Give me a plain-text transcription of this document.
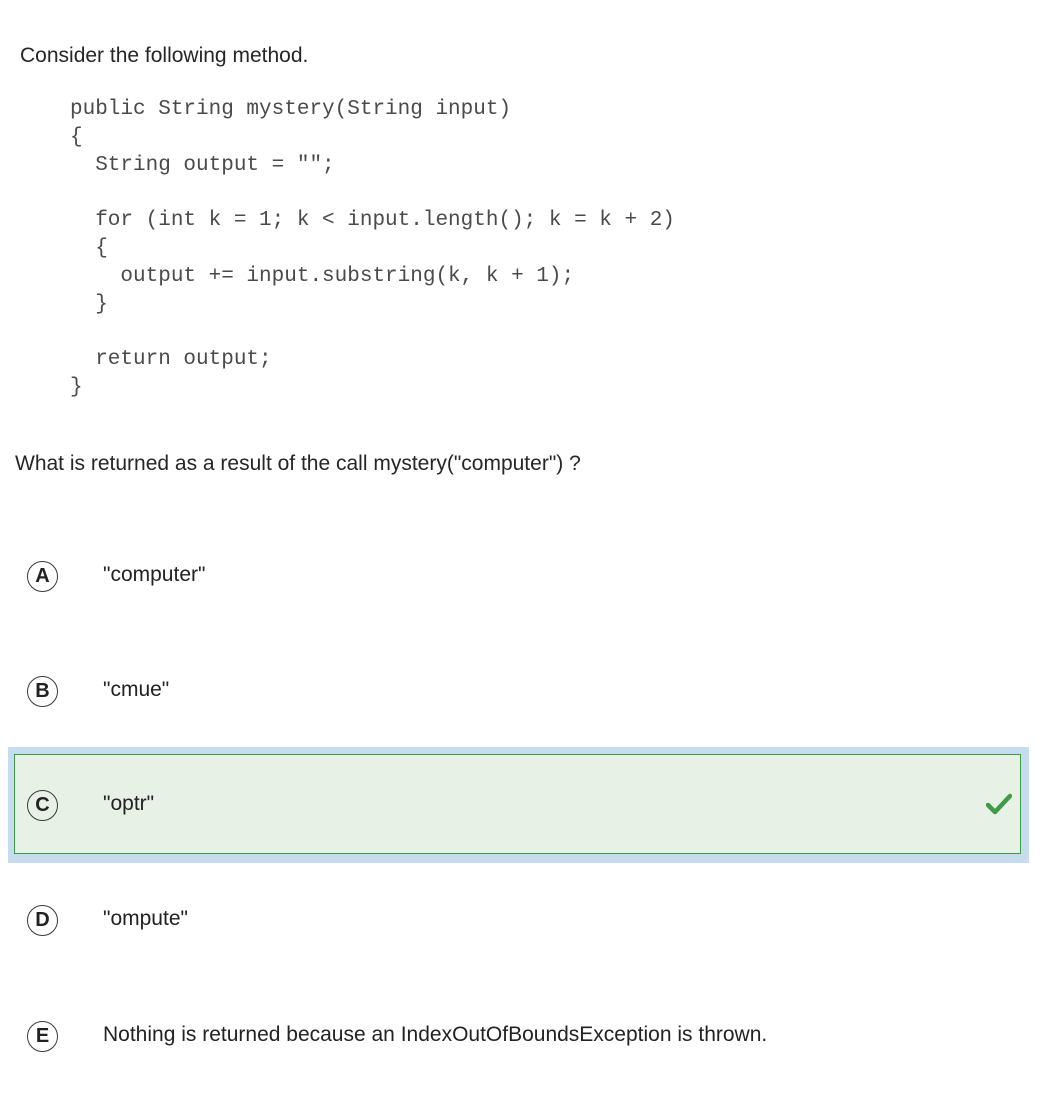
Consider the following method.
public String mystery(String input)
{
String output = "";
for (int k = 1; k < input.length(); k = k + 2)
{
output += input.substring(k, k + 1);
}
return output;
}
What is returned as a result of the call mystery("computer") ?
A	"computer"
B	"cmue"
C	"optr"
D	"ompute"
E	Nothing is returned because an IndexOutOfBoundsException is thrown.
